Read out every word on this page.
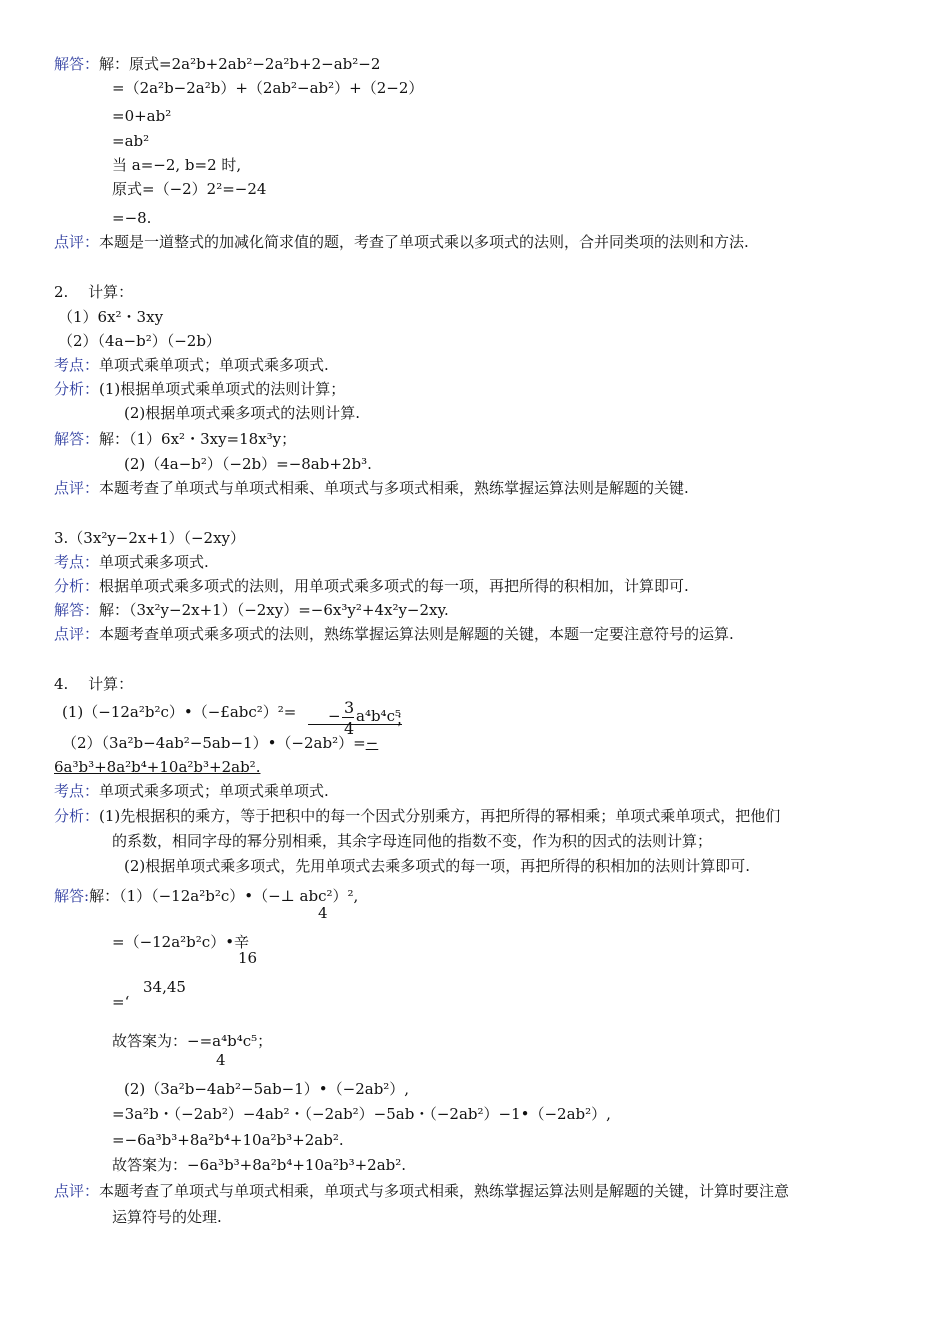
解答：解：原式=2a²b+2ab²−2a²b+2−ab²−2
=（2a²b−2a²b）+（2ab²−ab²）+（2−2）
=0+ab²
=ab²
当 a=−2, b=2 时,
原式=（−2）2²=−24
=−8.
点评：本题是一道整式的加减化简求值的题，考查了单项式乘以多项式的法则，合并同类项的法则和方法.
2.　 计算：
（1）6x²・3xy
（2）（4a−b²）（−2b）
考点：单项式乘单项式；单项式乘多项式.
分析：(1)根据单项式乘单项式的法则计算；
(2)根据单项式乘多项式的法则计算.
解答：解：（1）6x²・3xy=18x³y；
(2)（4a−b²）（−2b）=−8ab+2b³.
点评：本题考查了单项式与单项式相乘、单项式与多项式相乘，熟练掌握运算法则是解题的关键.
3.（3x²y−2x+1）（−2xy）
考点：单项式乘多项式.
分析：根据单项式乘多项式的法则，用单项式乘多项式的每一项，再把所得的积相加，计算即可.
解答：解：（3x²y−2x+1）（−2xy）=−6x³y²+4x²y−2xy.
点评：本题考查单项式乘多项式的法则，熟练掌握运算法则是解题的关键，本题一定要注意符号的运算.
4.　 计算：
(1)（−12a²b²c）•（−£abc²）²= − 3
4
a⁴b⁴c⁵
；
（2）（3a²b−4ab²−5ab−1）•（−2ab²）=−
6a³b³+8a²b⁴+10a²b³+2ab².
考点：单项式乘多项式；单项式乘单项式.
分析：(1)先根据积的乘方，等于把积中的每一个因式分别乘方，再把所得的幂相乘；单项式乘单项式，把他们
的系数，相同字母的幂分别相乘，其余字母连同他的指数不变，作为积的因式的法则计算；
(2)根据单项式乘多项式，先用单项式去乘多项式的每一项，再把所得的积相加的法则计算即可.
解答:解：（1）（−12a²b²c）•（−⊥ abc²）²,
4
=（−12a²b²c）•辛
16
34,45
=‘
故答案为：−=a⁴b⁴c⁵；
4
(2)（3a²b−4ab²−5ab−1）•（−2ab²）,
=3a²b・（−2ab²）−4ab²・（−2ab²）−5ab・（−2ab²）−1•（−2ab²）,
=−6a³b³+8a²b⁴+10a²b³+2ab².
故答案为：−6a³b³+8a²b⁴+10a²b³+2ab².
点评：本题考查了单项式与单项式相乘，单项式与多项式相乘，熟练掌握运算法则是解题的关键，计算时要注意
运算符号的处理.
